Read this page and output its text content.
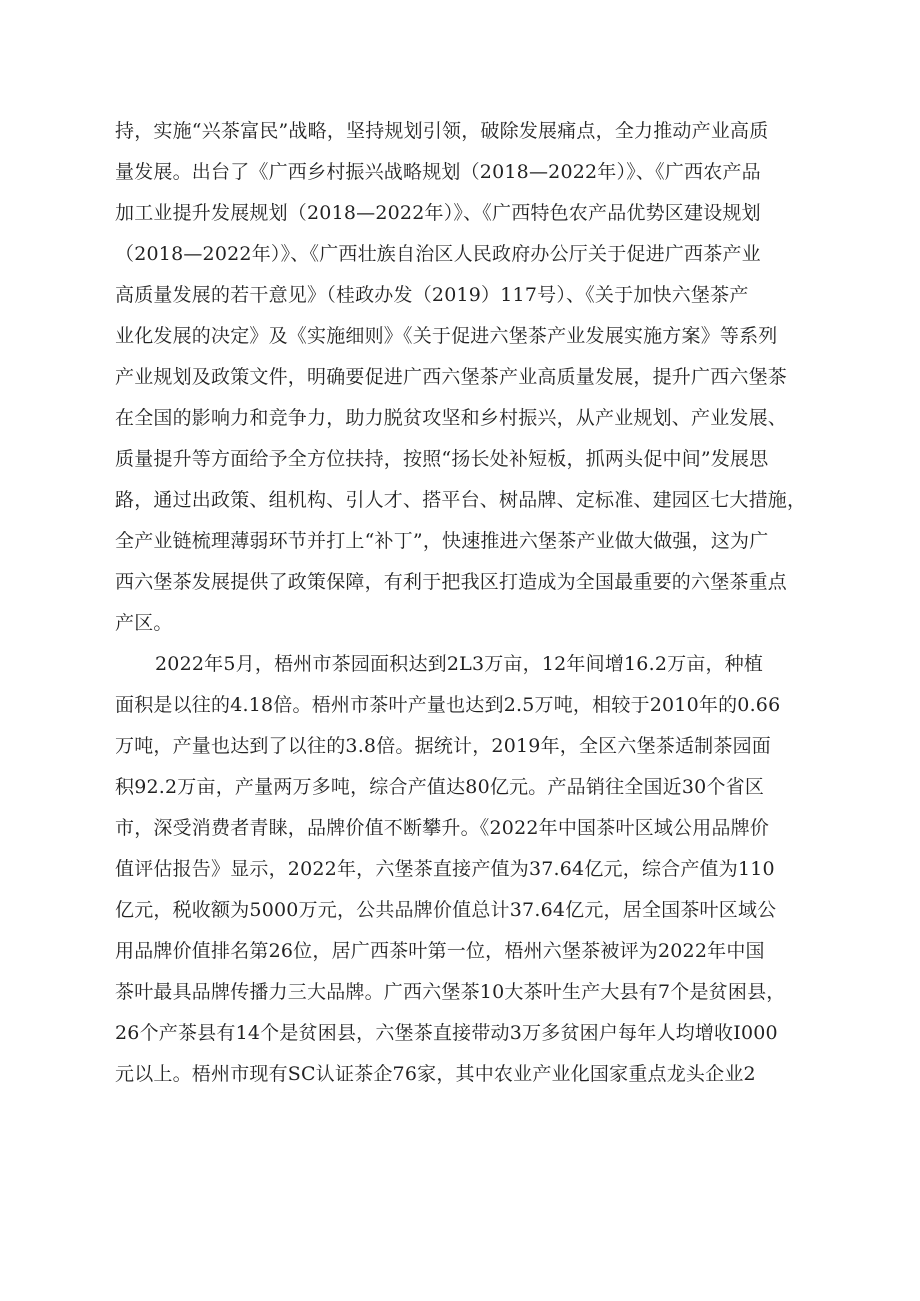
持，实施“兴茶富民”战略，坚持规划引领，破除发展痛点，全力推动产业高质
量发展。出台了《广西乡村振兴战略规划（2018—2022年）》、《广西农产品
加工业提升发展规划（2018—2022年）》、《广西特色农产品优势区建设规划
（2018—2022年）》、《广西壮族自治区人民政府办公厅关于促进广西茶产业
高质量发展的若干意见》（桂政办发（2019）117号）、《关于加快六堡茶产
业化发展的决定》及《实施细则》《关于促进六堡茶产业发展实施方案》等系列
产业规划及政策文件，明确要促进广西六堡茶产业高质量发展，提升广西六堡茶
在全国的影响力和竞争力，助力脱贫攻坚和乡村振兴，从产业规划、产业发展、
质量提升等方面给予全方位扶持，按照“扬长处补短板，抓两头促中间”发展思
路，通过出政策、组机构、引人才、搭平台、树品牌、定标准、建园区七大措施，
全产业链梳理薄弱环节并打上“补丁”，快速推进六堡茶产业做大做强，这为广
西六堡茶发展提供了政策保障，有利于把我区打造成为全国最重要的六堡茶重点
产区。
2022年5月，梧州市茶园面积达到2L3万亩，12年间增16.2万亩，种植
面积是以往的4.18倍。梧州市茶叶产量也达到2.5万吨，相较于2010年的0.66
万吨，产量也达到了以往的3.8倍。据统计，2019年，全区六堡茶适制茶园面
积92.2万亩，产量两万多吨，综合产值达80亿元。产品销往全国近30个省区
市，深受消费者青睐，品牌价值不断攀升。《2022年中国茶叶区域公用品牌价
值评估报告》显示，2022年，六堡茶直接产值为37.64亿元，综合产值为110
亿元，税收额为5000万元，公共品牌价值总计37.64亿元，居全国茶叶区域公
用品牌价值排名第26位，居广西茶叶第一位，梧州六堡茶被评为2022年中国
茶叶最具品牌传播力三大品牌。广西六堡茶10大茶叶生产大县有7个是贫困县，
26个产茶县有14个是贫困县，六堡茶直接带动3万多贫困户每年人均增收I000
元以上。梧州市现有SC认证茶企76家，其中农业产业化国家重点龙头企业2
